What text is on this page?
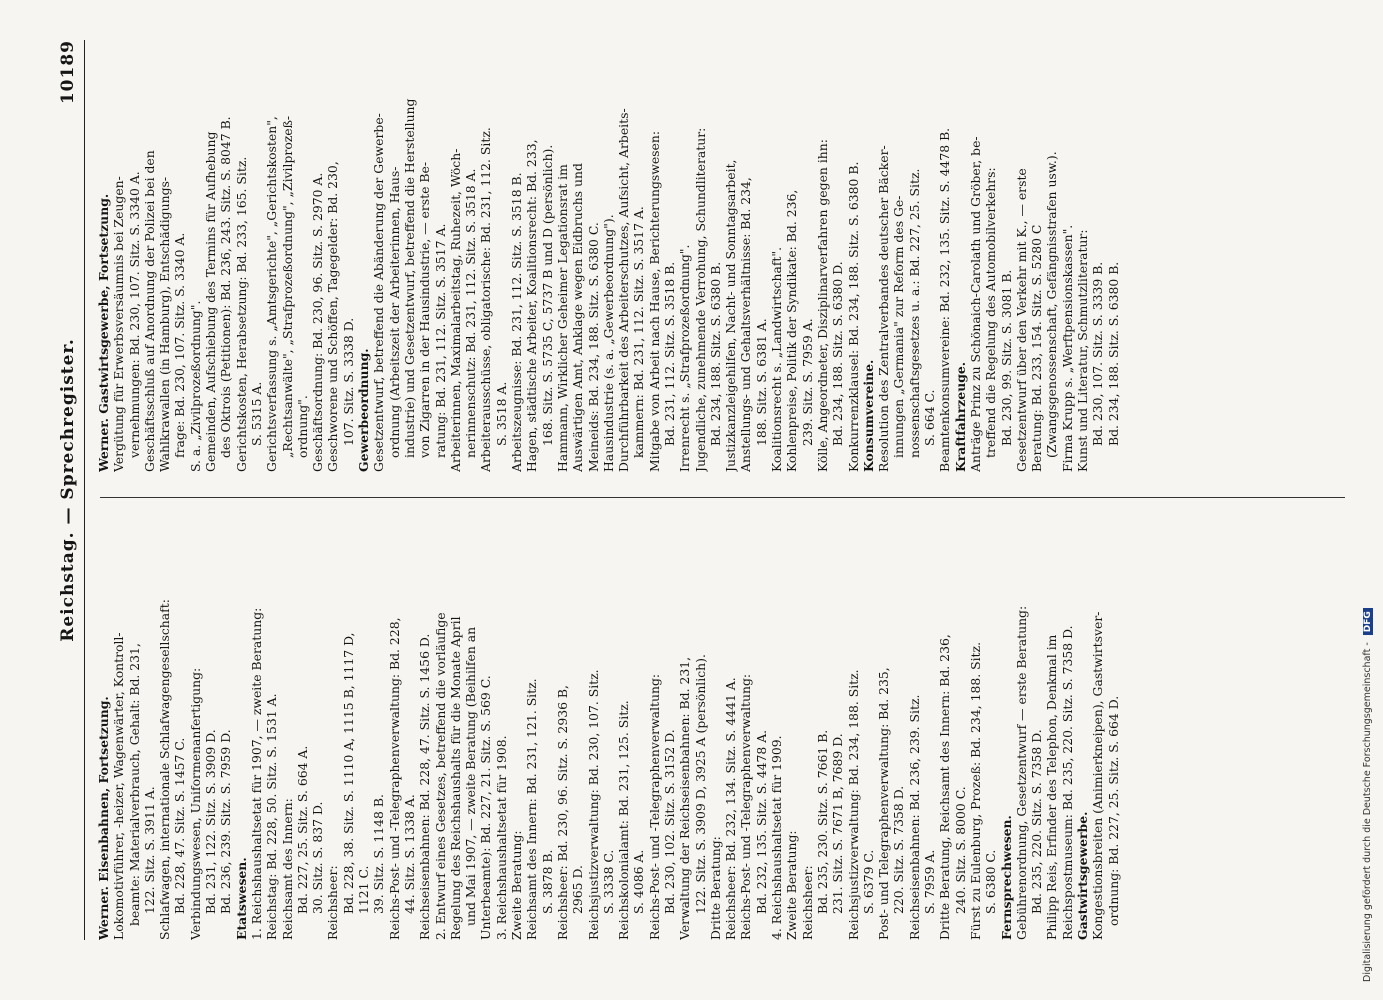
Reichstag. — Sprechregister.
10189
Werner. Eisenbahnen, Fortsetzung. Lokomotivführer, -heizer, Wagenwärter, Kontroll- beamte: Materialverbrauch, Gehalt: Bd. 231, 122. Sitz. S. 3911 A. Schlafwagen, internationale Schlafwagengesellschaft: Bd. 228, 47. Sitz. S. 1457 C. Verbindungswesen, Uniformenanfertigung: Bd. 231, 122. Sitz. S. 3909 D. Bd. 236, 239. Sitz. S. 7959 D. Etatswesen. 1. Reichshaushaltsetat für 1907, — zweite Beratung: Reichstag: Bd. 228, 50. Sitz. S. 1531 A. Reichsamt des Innern: Bd. 227, 25. Sitz. S. 664 A. 30. Sitz. S. 837 D. Reichsheer: Bd. 228, 38. Sitz. S. 1110 A, 1115 B, 1117 D, 1121 C. 39. Sitz. S. 1148 B. Reichs-Post- und -Telegraphenverwaltung: Bd. 228, 44. Sitz. S. 1338 A. Reichseisenbahnen: Bd. 228, 47. Sitz. S. 1456 D. 2. Entwurf eines Gesetzes, betreffend die vorläufige Regelung des Reichshaushalts für die Monate April und Mai 1907, — zweite Beratung (Beihilfen an Unterbeamte): Bd. 227, 21. Sitz. S. 569 C. 3. Reichshaushaltsetat für 1908. Zweite Beratung: Reichsamt des Innern: Bd. 231, 121. Sitz. S. 3878 B. Reichsheer: Bd. 230, 96. Sitz. S. 2936 B, 2965 D. Reichsjustizverwaltung: Bd. 230, 107. Sitz. S. 3338 C. Reichskolonialamt: Bd. 231, 125. Sitz. S. 4086 A. Reichs-Post- und -Telegraphenverwaltung: Bd. 230, 102. Sitz. S. 3152 D. Verwaltung der Reichseisenbahnen: Bd. 231, 122. Sitz. S. 3909 D, 3925 A (persönlich). Dritte Beratung: Reichsheer: Bd. 232, 134. Sitz. S. 4441 A. Reichs-Post- und -Telegraphenverwaltung: Bd. 232, 135. Sitz. S. 4478 A. 4. Reichshaushaltsetat für 1909. Zweite Beratung: Reichsheer: Bd. 235, 230. Sitz. S. 7661 B. 231. Sitz. S. 7671 B, 7689 D. Reichsjustizverwaltung: Bd. 234, 188. Sitz. S. 6379 C. Post- und Telegraphenverwaltung: Bd. 235, 220. Sitz. S. 7358 D. Reichseisenbahnen: Bd. 236, 239. Sitz. S. 7959 A. Dritte Beratung, Reichsamt des Innern: Bd. 236, 240. Sitz. S. 8000 C. Fürst zu Eulenburg, Prozeß: Bd. 234, 188. Sitz. S. 6380 C. Fernsprechwesen. Gebührenordnung, Gesetzentwurf — erste Beratung: Bd. 235, 220. Sitz. S. 7358 D. Philipp Reis, Erfinder des Telephon, Denkmal im Reichspostmuseum: Bd. 235, 220. Sitz. S. 7358 D. Gastwirtsgewerbe. Kongestionsbreiten (Animierkneipen), Gastwirtsver- ordnung: Bd. 227, 25. Sitz. S. 664 D.
Werner. Gastwirtsgewerbe, Fortsetzung. Vergütung für Erwerbsversäumnis bei Zeugen- vernehmungen: Bd. 230, 107. Sitz. S. 3340 A. Geschäftsschluß auf Anordnung der Polizei bei den Wahlkrawallen (in Hamburg), Entschädigungs- frage: Bd. 230, 107. Sitz. S. 3340 A. S. a. „Zivilprozeßordnung". Gemeinden, Aufschiebung des Termins für Aufhebung des Oktrois (Petitionen): Bd. 236, 243. Sitz. S. 8047 B. Gerichtskosten, Herabsetzung: Bd. 233, 165. Sitz. S. 5315 A. Gerichtsverfassung s. „Amtsgerichte", „Gerichtskosten", „Rechtsanwälte", „Strafprozeßordnung", „Zivilprozeß- ordnung". Geschäftsordnung: Bd. 230, 96. Sitz. S. 2970 A. Geschworene und Schöffen, Tagegelder: Bd. 230, 107. Sitz. S. 3338 D. Gewerbeordnung. Gesetzentwurf, betreffend die Abänderung der Gewerbe- ordnung (Arbeitszeit der Arbeiterinnen, Haus- industrie) und Gesetzentwurf, betreffend die Herstellung von Zigarren in der Hausindustrie, — erste Be- ratung: Bd. 231, 112. Sitz. S. 3517 A. Arbeiterinnen, Maximalarbeitstag, Ruhezeit, Wöch- nerinnenschutz: Bd. 231, 112. Sitz. S. 3518 A. Arbeiterausschüsse, obligatorische: Bd. 231, 112. Sitz. S. 3518 A. Arbeitszeugnisse: Bd. 231, 112. Sitz. S. 3518 B. Hagen, städtische Arbeiter, Koalitionsrecht: Bd. 233, 168. Sitz. S. 5735 C, 5737 B und D (persönlich). Hammann, Wirklicher Geheimer Legationsrat im Auswärtigen Amt, Anklage wegen Eidbruchs und Meineids: Bd. 234, 188. Sitz. S. 6380 C. Hausindustrie (s. a. „Gewerbeordnung"). Durchführbarkeit des Arbeiterschutzes, Aufsicht, Arbeits- kammern: Bd. 231, 112. Sitz. S. 3517 A. Mitgabe von Arbeit nach Hause, Berichterungswesen: Bd. 231, 112. Sitz. S. 3518 B. Irrenrecht s. „Strafprozeßordnung". Jugendliche, zunehmende Verrohung, Schundliteratur: Bd. 234, 188. Sitz. S. 6380 B. Justizkanzleigehilfen, Nacht- und Sonntagsarbeit, Anstellungs- und Gehaltsverhältnisse: Bd. 234, 188. Sitz. S. 6381 A. Koalitionsrecht s. „Landwirtschaft". Kohlenpreise, Politik der Syndikate: Bd. 236, 239. Sitz. S. 7959 A. Kölle, Angeordneter, Disziplinarverfahren gegen ihn: Bd. 234, 188. Sitz. S. 6380 D. Konkurrenzklausel: Bd. 234, 188. Sitz. S. 6380 B. Konsumvereine. Resolution des Zentralverbandes deutscher Bäcker- innungen „Germania" zur Reform des Ge- nossenschaftsgesetzes u. a.: Bd. 227, 25. Sitz. S. 664 C. Beamtenkonsumvereine: Bd. 232, 135. Sitz. S. 4478 B. Kraftfahrzeuge. Anträge Prinz zu Schönaich-Carolath und Gröber, be- treffend die Regelung des Automobilverkehrs: Bd. 230, 99. Sitz. S. 3081 B. Gesetzentwurf über den Verkehr mit K., — erste Beratung: Bd. 233, 154. Sitz. S. 5280 C (Zwangsgenossenschaft, Gefängnisstrafen usw.). Firma Krupp s. „Werftpensionskassen". Kunst und Literatur, Schmutzliteratur: Bd. 230, 107. Sitz. S. 3339 B. Bd. 234, 188. Sitz. S. 6380 B.
Digitalisierung gefördert durch die Deutsche Forschungsgemeinschaft - DFG
